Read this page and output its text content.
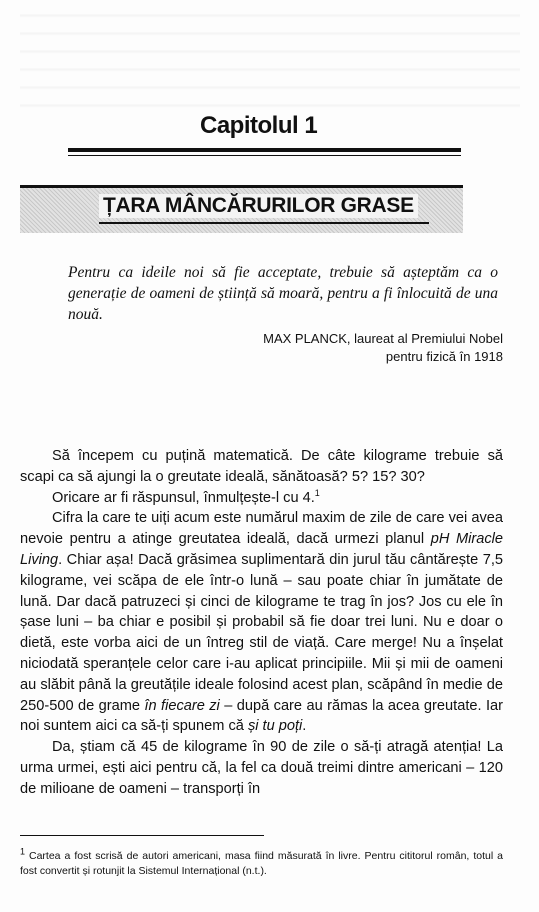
Capitolul 1
ȚARA MÂNCĂRURILOR GRASE
Pentru ca ideile noi să fie acceptate, trebuie să așteptăm ca o generație de oameni de știință să moară, pentru a fi înlocuită de una nouă.
MAX PLANCK, laureat al Premiului Nobel
pentru fizică în 1918

Să începem cu puțină matematică. De câte kilograme trebuie să scapi ca să ajungi la o greutate ideală, sănătoasă? 5? 15? 30?

Oricare ar fi răspunsul, înmulțește-l cu 4.$^1$

Cifra la care te uiți acum este numărul maxim de zile de care vei avea nevoie pentru a atinge greutatea ideală, dacă urmezi planul pH Miracle Living. Chiar așa! Dacă grăsimea suplimentară din jurul tău cântărește 7,5 kilograme, vei scăpa de ele într-o lună – sau poate chiar în jumătate de lună. Dar dacă patruzeci și cinci de kilograme te trag în jos? Jos cu ele în șase luni – ba chiar e posibil și probabil să fie doar trei luni. Nu e doar o dietă, este vorba aici de un întreg stil de viață. Care merge! Nu a înșelat niciodată speranțele celor care i-au aplicat principiile. Mii și mii de oameni au slăbit până la greutățile ideale folosind acest plan, scăpând în medie de 250-500 de grame în fiecare zi – după care au rămas la acea greutate. Iar noi suntem aici ca să-ți spunem că și tu poți.

Da, știam că 45 de kilograme în 90 de zile o să-ți atragă atenția! La urma urmei, ești aici pentru că, la fel ca două treimi dintre americani – 120 de milioane de oameni – transporți în

$^1$ Cartea a fost scrisă de autori americani, masa fiind măsurată în livre. Pentru cititorul român, totul a fost convertit și rotunjit la Sistemul Internațional (n.t.).
